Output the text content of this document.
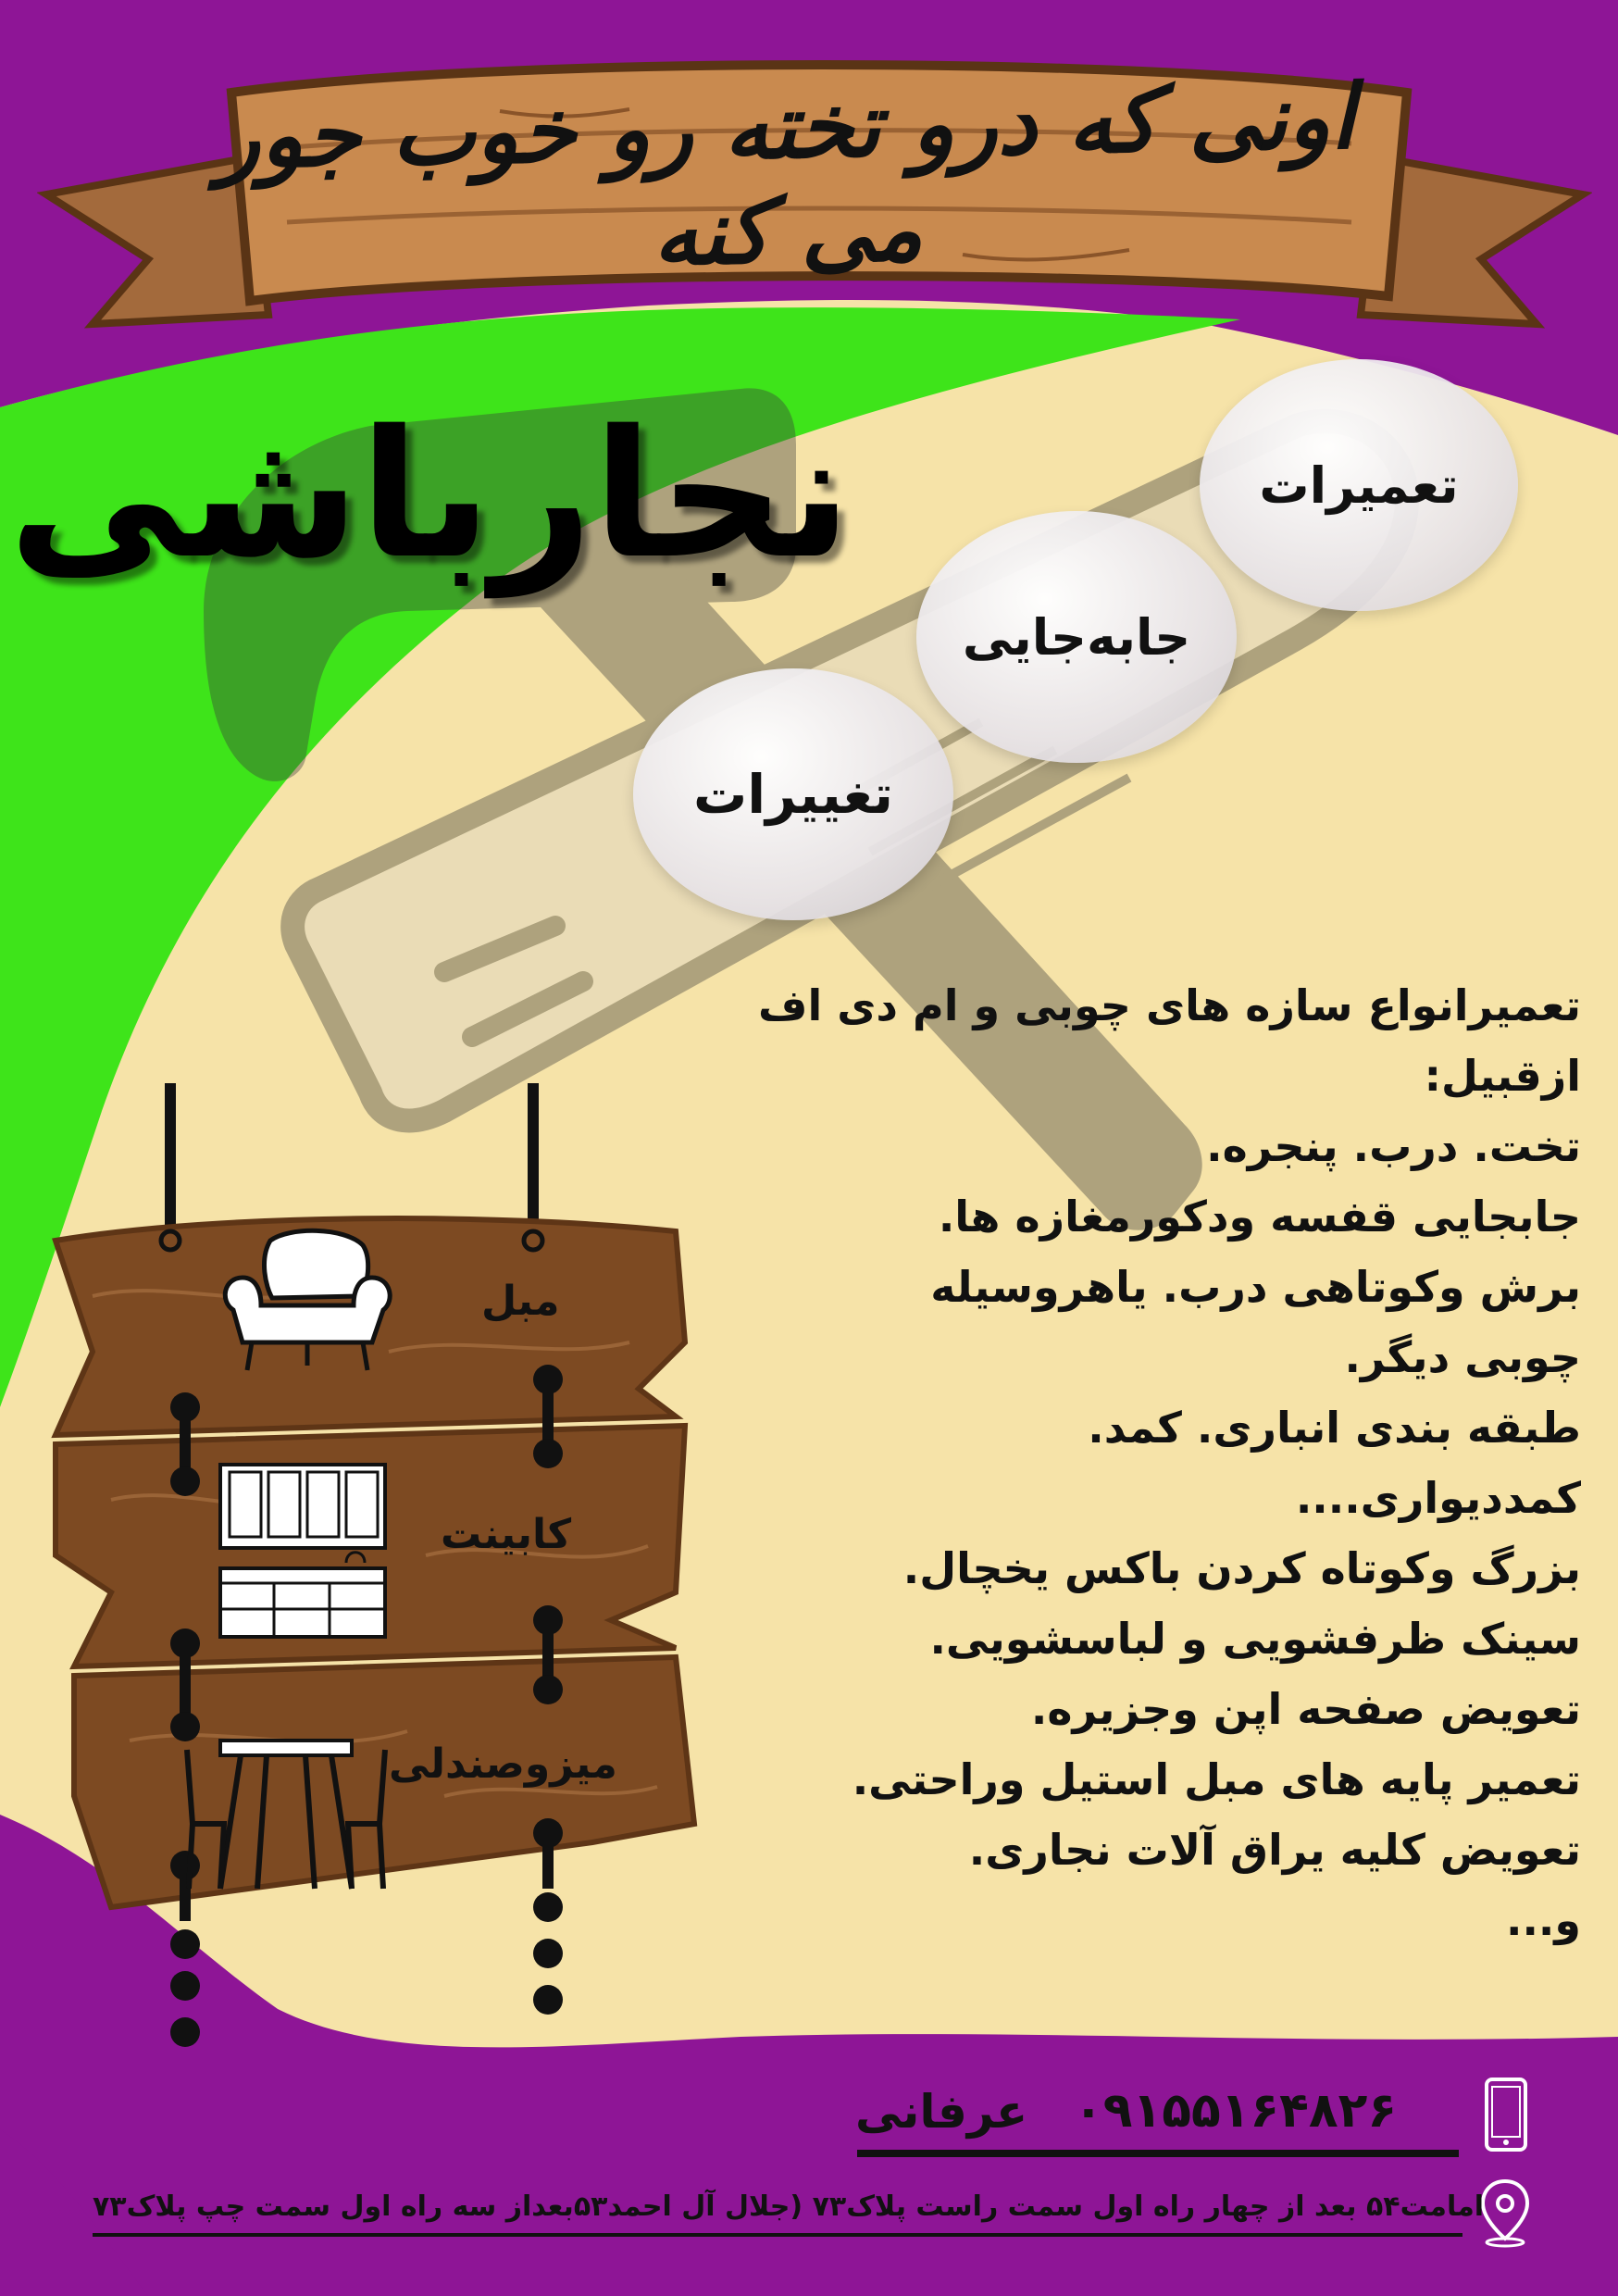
اونی که درو تخته رو خوب جور می کنه
نجارباشی	تعمیرات
جابه‌جایی
تغییرات
تعمیرانواع سازه های چوبی و ام دی اف
ازقبیل:
تخت. درب. پنجره.
جابجایی قفسه ودکورمغازه ها.
برش وکوتاهی درب. یاهروسیله
چوبی دیگر.
طبقه بندی انباری. کمد.
کمددیواری....
بزرگ وکوتاه کردن باکس یخچال.
سینک ظرفشویی و لباسشویی.
تعویض صفحه اپن وجزیره.
تعمیر پایه های مبل استیل وراحتی.
تعویض کلیه یراق آلات نجاری.
و...
مبل
کابینت
میزوصندلی
۰۹۱۵۵۱۶۴۸۲۶
عرفانی
امامت۵۴ بعد از چهار راه اول سمت راست پلاک۷۳ (جلال آل احمد۵۳بعداز سه راه اول سمت چپ پلاک۷۳
